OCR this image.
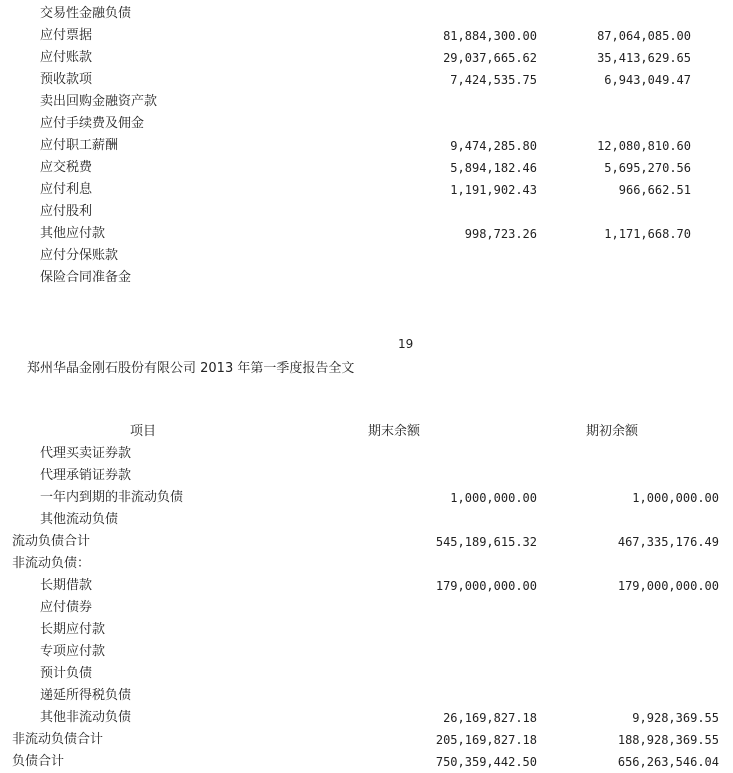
交易性金融负债
应付票据	81,884,300.00	87,064,085.00
应付账款	29,037,665.62	35,413,629.65
预收款项	7,424,535.75	6,943,049.47
卖出回购金融资产款
应付手续费及佣金
应付职工薪酬	9,474,285.80	12,080,810.60
应交税费	5,894,182.46	5,695,270.56
应付利息	1,191,902.43	966,662.51
应付股利
其他应付款	998,723.26	1,171,668.70
应付分保账款
保险合同准备金
19
郑州华晶金刚石股份有限公司 2013 年第一季度报告全文
项目	期末余额	期初余额
代理买卖证券款
代理承销证券款
一年内到期的非流动负债	1,000,000.00	1,000,000.00
其他流动负债
流动负债合计	545,189,615.32	467,335,176.49
非流动负债：
长期借款	179,000,000.00	179,000,000.00
应付债券
长期应付款
专项应付款
预计负债
递延所得税负债
其他非流动负债	26,169,827.18	9,928,369.55
非流动负债合计	205,169,827.18	188,928,369.55
负债合计	750,359,442.50	656,263,546.04
